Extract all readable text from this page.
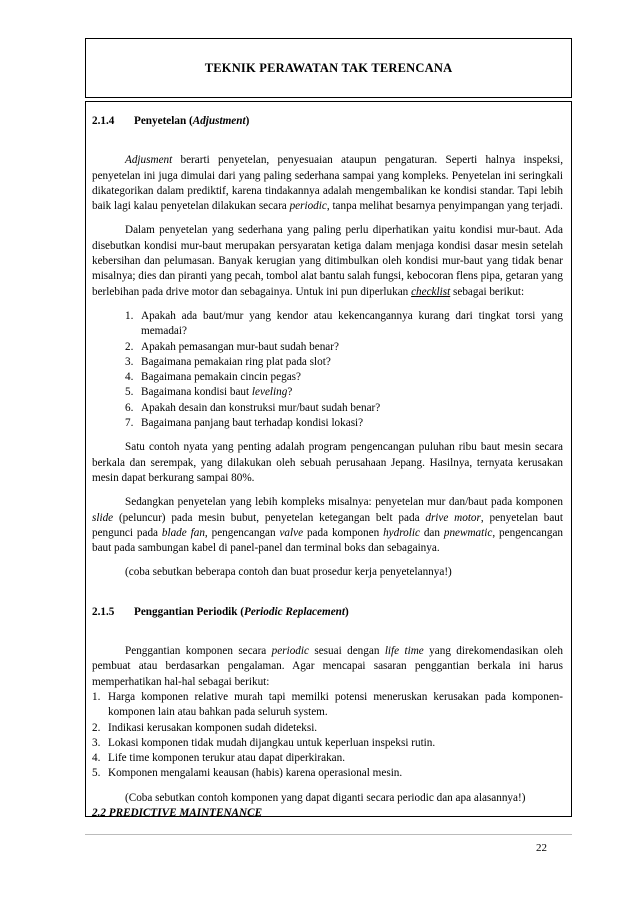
TEKNIK PERAWATAN TAK TERENCANA

2.1.4 Penyetelan (Adjustment)

Adjusment berarti penyetelan, penyesuaian ataupun pengaturan. Seperti halnya inspeksi, penyetelan ini juga dimulai dari yang paling sederhana sampai yang kompleks. Penyetelan ini seringkali dikategorikan dalam prediktif, karena tindakannya adalah mengembalikan ke kondisi standar. Tapi lebih baik lagi kalau penyetelan dilakukan secara periodic, tanpa melihat besarnya penyimpangan yang terjadi.

Dalam penyetelan yang sederhana yang paling perlu diperhatikan yaitu kondisi mur-baut. Ada disebutkan kondisi mur-baut merupakan persyaratan ketiga dalam menjaga kondisi dasar mesin setelah kebersihan dan pelumasan. Banyak kerugian yang ditimbulkan oleh kondisi mur-baut yang tidak benar misalnya; dies dan piranti yang pecah, tombol alat bantu salah fungsi, kebocoran flens pipa, getaran yang berlebihan pada drive motor dan sebagainya. Untuk ini pun diperlukan checklist sebagai berikut:

1. Apakah ada baut/mur yang kendor atau kekencangannya kurang dari tingkat torsi yang memadai?
2. Apakah pemasangan mur-baut sudah benar?
3. Bagaimana pemakaian ring plat pada slot?
4. Bagaimana pemakain cincin pegas?
5. Bagaimana kondisi baut leveling?
6. Apakah desain dan konstruksi mur/baut sudah benar?
7. Bagaimana panjang baut terhadap kondisi lokasi?

Satu contoh nyata yang penting adalah program pengencangan puluhan ribu baut mesin secara berkala dan serempak, yang dilakukan oleh sebuah perusahaan Jepang. Hasilnya, ternyata kerusakan mesin dapat berkurang sampai 80%.

Sedangkan penyetelan yang lebih kompleks misalnya: penyetelan mur dan/baut pada komponen slide (peluncur) pada mesin bubut, penyetelan ketegangan belt pada drive motor, penyetelan baut pengunci pada blade fan, pengencangan valve pada komponen hydrolic dan pnewmatic, pengencangan baut pada sambungan kabel di panel-panel dan terminal boks dan sebagainya.

(coba sebutkan beberapa contoh dan buat prosedur kerja penyetelannya!)

2.1.5 Penggantian Periodik (Periodic Replacement)

Penggantian komponen secara periodic sesuai dengan life time yang direkomendasikan oleh pembuat atau berdasarkan pengalaman. Agar mencapai sasaran penggantian berkala ini harus memperhatikan hal-hal sebagai berikut:

1. Harga komponen relative murah tapi memilki potensi meneruskan kerusakan pada komponen-komponen lain atau bahkan pada seluruh system.
2. Indikasi kerusakan komponen sudah dideteksi.
3. Lokasi komponen tidak mudah dijangkau untuk keperluan inspeksi rutin.
4. Life time komponen terukur atau dapat diperkirakan.
5. Komponen mengalami keausan (habis) karena operasional mesin.

(Coba sebutkan contoh komponen yang dapat diganti secara periodic dan apa alasannya!)

2.2 PREDICTIVE MAINTENANCE

22
